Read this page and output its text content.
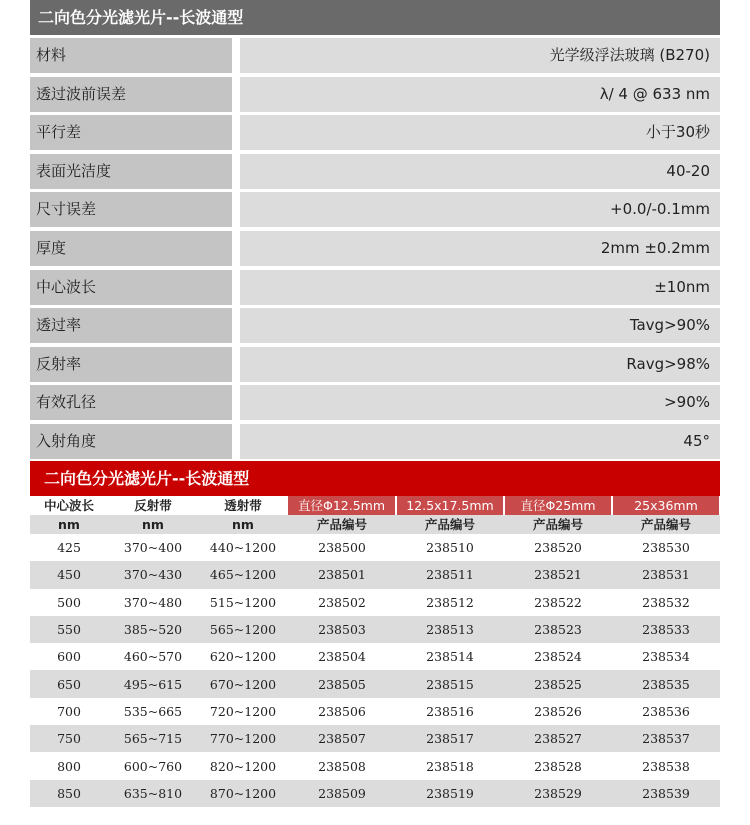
二向色分光滤光片--长波通型
材料	光学级浮法玻璃 (B270)
透过波前误差	λ/ 4 @ 633 nm
平行差	小于30秒
表面光洁度	40-20
尺寸误差	+0.0/-0.1mm
厚度	2mm ±0.2mm
中心波长	±10nm
透过率	Tavg>90%
反射率	Ravg>98%
有效孔径	>90%
入射角度	45°
二向色分光滤光片--长波通型
中心波长	反射带	透射带	直径Φ12.5mm	12.5x17.5mm	直径Φ25mm	25x36mm
nm	nm	nm	产品编号	产品编号	产品编号	产品编号
425	370~400	440~1200	238500	238510	238520	238530
450	370~430	465~1200	238501	238511	238521	238531
500	370~480	515~1200	238502	238512	238522	238532
550	385~520	565~1200	238503	238513	238523	238533
600	460~570	620~1200	238504	238514	238524	238534
650	495~615	670~1200	238505	238515	238525	238535
700	535~665	720~1200	238506	238516	238526	238536
750	565~715	770~1200	238507	238517	238527	238537
800	600~760	820~1200	238508	238518	238528	238538
850	635~810	870~1200	238509	238519	238529	238539
